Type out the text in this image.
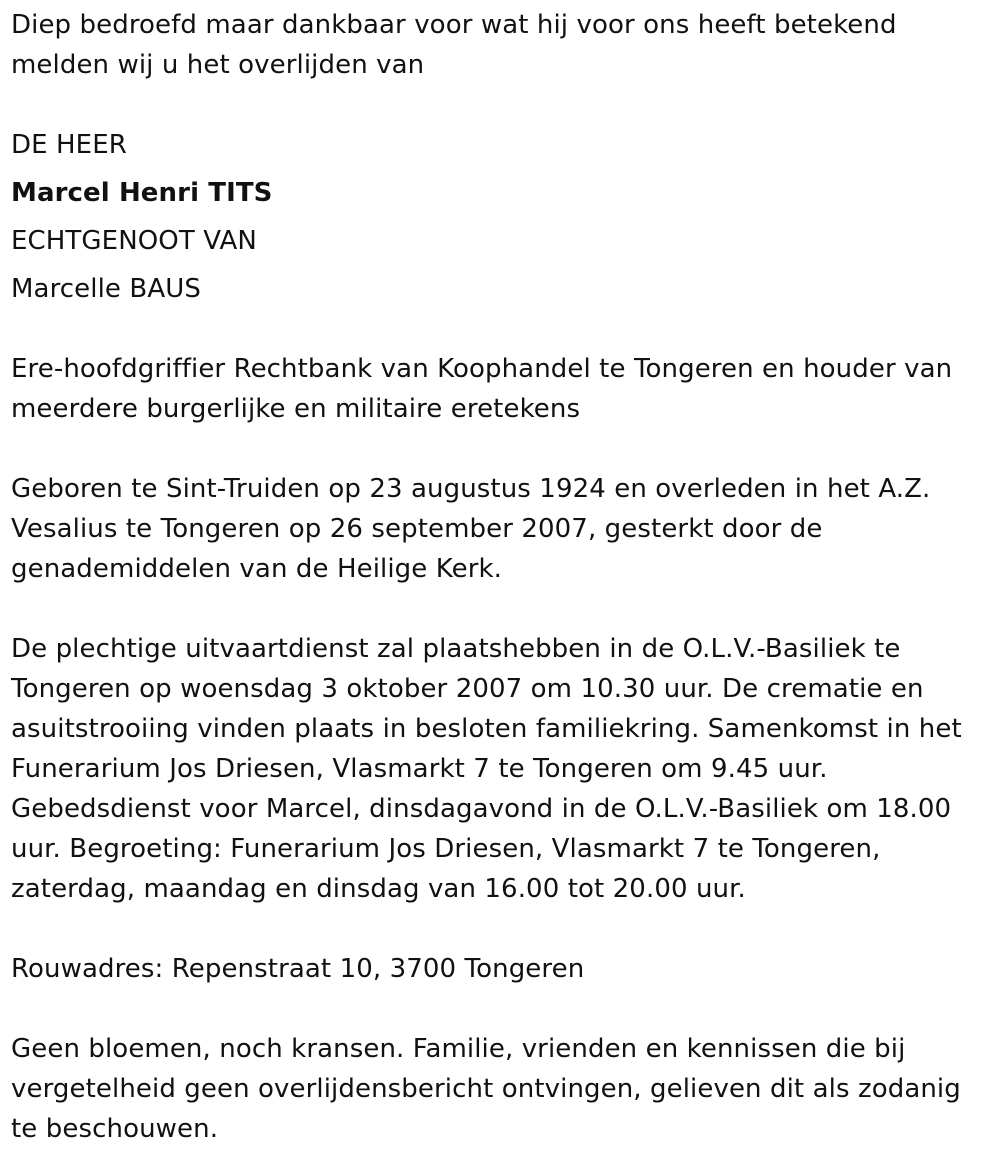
Diep bedroefd maar dankbaar voor wat hij voor ons heeft betekend
melden wij u het overlijden van
DE HEER
Marcel Henri TITS
ECHTGENOOT VAN
Marcelle BAUS
Ere-hoofdgriffier Rechtbank van Koophandel te Tongeren en houder van
meerdere burgerlijke en militaire eretekens
Geboren te Sint-Truiden op 23 augustus 1924 en overleden in het A.Z.
Vesalius te Tongeren op 26 september 2007, gesterkt door de
genademiddelen van de Heilige Kerk.
De plechtige uitvaartdienst zal plaatshebben in de O.L.V.-Basiliek te
Tongeren op woensdag 3 oktober 2007 om 10.30 uur. De crematie en
asuitstrooiing vinden plaats in besloten familiekring. Samenkomst in het
Funerarium Jos Driesen, Vlasmarkt 7 te Tongeren om 9.45 uur.
Gebedsdienst voor Marcel, dinsdagavond in de O.L.V.-Basiliek om 18.00
uur. Begroeting: Funerarium Jos Driesen, Vlasmarkt 7 te Tongeren,
zaterdag, maandag en dinsdag van 16.00 tot 20.00 uur.
Rouwadres: Repenstraat 10, 3700 Tongeren
Geen bloemen, noch kransen. Familie, vrienden en kennissen die bij
vergetelheid geen overlijdensbericht ontvingen, gelieven dit als zodanig
te beschouwen.
